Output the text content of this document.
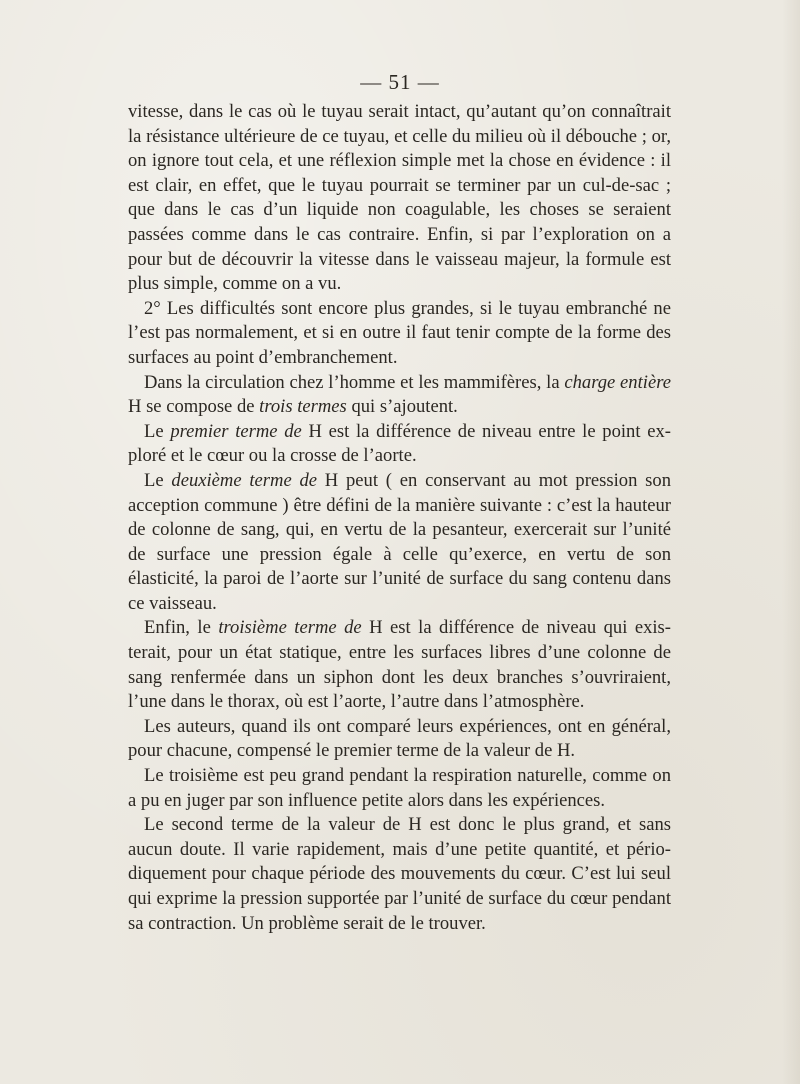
— 51 —

vitesse, dans le cas où le tuyau serait intact, qu’autant qu’on connaîtrait la résistance ultérieure de ce tuyau, et celle du milieu où il débouche ; or, on ignore tout cela, et une réflexion simple met la chose en évidence : il est clair, en effet, que le tuyau pourrait se terminer par un cul-de-sac ; que dans le cas d’un liquide non coagulable, les choses se seraient passées comme dans le cas contraire. Enfin, si par l’exploration on a pour but de découvrir la vitesse dans le vaisseau majeur, la formule est plus simple, comme on a vu.

2° Les difficultés sont encore plus grandes, si le tuyau embranché ne l’est pas normalement, et si en outre il faut tenir compte de la forme des surfaces au point d’embranchement.

Dans la circulation chez l’homme et les mammifères, la charge entière H se compose de trois termes qui s’ajoutent.

Le premier terme de H est la différence de niveau entre le point exploré et le cœur ou la crosse de l’aorte.

Le deuxième terme de H peut ( en conservant au mot pression son acception commune ) être défini de la manière suivante : c’est la hauteur de colonne de sang, qui, en vertu de la pesanteur, exercerait sur l’unité de surface une pression égale à celle qu’exerce, en vertu de son élasticité, la paroi de l’aorte sur l’unité de surface du sang contenu dans ce vaisseau.

Enfin, le troisième terme de H est la différence de niveau qui existerait, pour un état statique, entre les surfaces libres d’une colonne de sang renfermée dans un siphon dont les deux branches s’ouvriraient, l’une dans le thorax, où est l’aorte, l’autre dans l’atmosphère.

Les auteurs, quand ils ont comparé leurs expériences, ont en général, pour chacune, compensé le premier terme de la valeur de H.

Le troisième est peu grand pendant la respiration naturelle, comme on a pu en juger par son influence petite alors dans les expériences.

Le second terme de la valeur de H est donc le plus grand, et sans aucun doute. Il varie rapidement, mais d’une petite quantité, et périodiquement pour chaque période des mouvements du cœur. C’est lui seul qui exprime la pression supportée par l’unité de surface du cœur pendant sa contraction. Un problème serait de le trouver.
